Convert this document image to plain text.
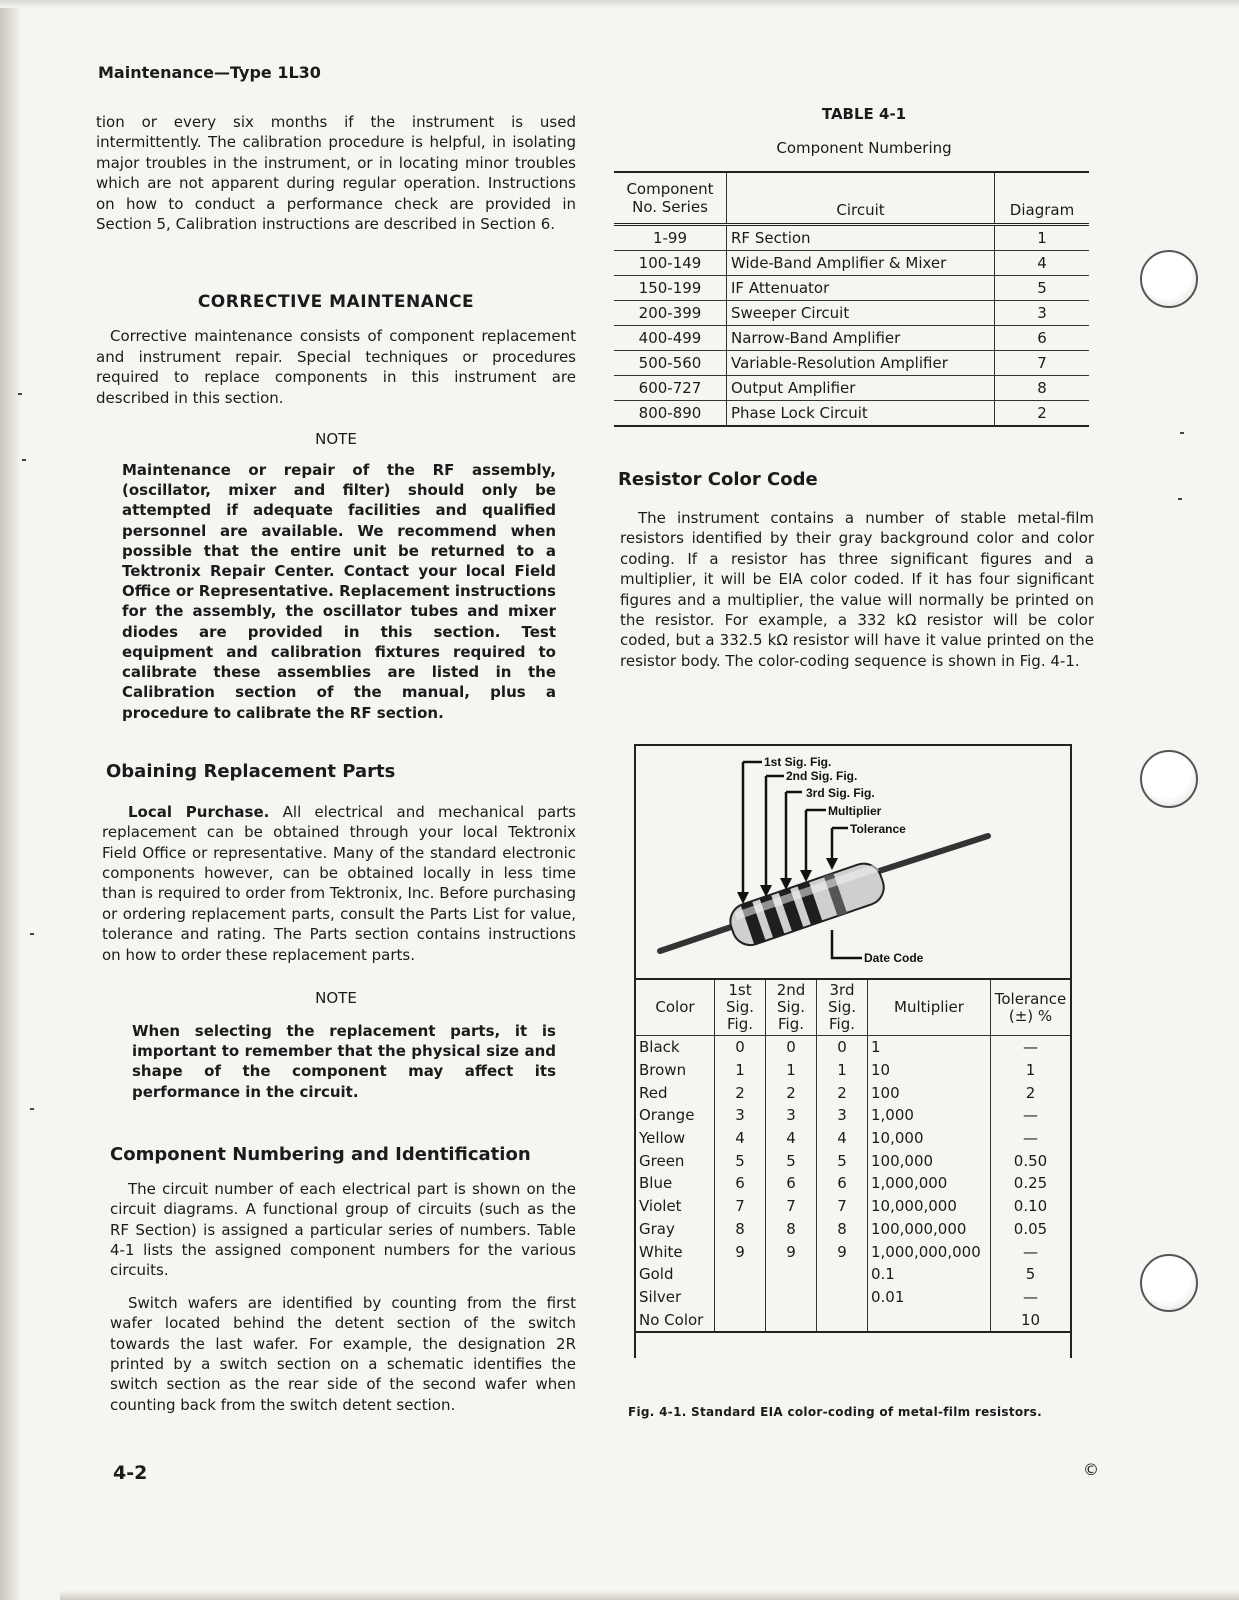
Maintenance—Type 1L30

tion or every six months if the instrument is used intermittently. The calibration procedure is helpful, in isolating major troubles in the instrument, or in locating minor troubles which are not apparent during regular operation. Instructions on how to conduct a performance check are provided in Section 5, Calibration instructions are described in Section 6.

CORRECTIVE MAINTENANCE

Corrective maintenance consists of component replacement and instrument repair. Special techniques or procedures required to replace components in this instrument are described in this section.

NOTE

Maintenance or repair of the RF assembly, (oscillator, mixer and filter) should only be attempted if adequate facilities and qualified personnel are available. We recommend when possible that the entire unit be returned to a Tektronix Repair Center. Contact your local Field Office or Representative. Replacement instructions for the assembly, the oscillator tubes and mixer diodes are provided in this section. Test equipment and calibration fixtures required to calibrate these assemblies are listed in the Calibration section of the manual, plus a procedure to calibrate the RF section.

Obaining Replacement Parts

Local Purchase. All electrical and mechanical parts replacement can be obtained through your local Tektronix Field Office or representative. Many of the standard electronic components however, can be obtained locally in less time than is required to order from Tektronix, Inc. Before purchasing or ordering replacement parts, consult the Parts List for value, tolerance and rating. The Parts section contains instructions on how to order these replacement parts.

NOTE

When selecting the replacement parts, it is important to remember that the physical size and shape of the component may affect its performance in the circuit.

Component Numbering and Identification

The circuit number of each electrical part is shown on the circuit diagrams. A functional group of circuits (such as the RF Section) is assigned a particular series of numbers. Table 4-1 lists the assigned component numbers for the various circuits.

Switch wafers are identified by counting from the first wafer located behind the detent section of the switch towards the last wafer. For example, the designation 2R printed by a switch section on a schematic identifies the switch section as the rear side of the second wafer when counting back from the switch detent section.

TABLE 4-1
Component Numbering
Component No. Series	Circuit	Diagram
1-99	RF Section	1
100-149	Wide-Band Amplifier & Mixer	4
150-199	IF Attenuator	5
200-399	Sweeper Circuit	3
400-499	Narrow-Band Amplifier	6
500-560	Variable-Resolution Amplifier	7
600-727	Output Amplifier	8
800-890	Phase Lock Circuit	2
Resistor Color Code

The instrument contains a number of stable metal-film resistors identified by their gray background color and color coding. If a resistor has three significant figures and a multiplier, it will be EIA color coded. If it has four significant figures and a multiplier, the value will normally be printed on the resistor. For example, a 332 kΩ resistor will be color coded, but a 332.5 kΩ resistor will have it value printed on the resistor body. The color-coding sequence is shown in Fig. 4-1.

1st Sig. Fig.
2nd Sig. Fig.
3rd Sig. Fig.
Multiplier
Tolerance
Date Code
Color	1st Sig. Fig.	2nd Sig. Fig.	3rd Sig. Fig.	Multiplier	Tolerance (±) %
Black	0	0	0	1	—
Brown	1	1	1	10	1
Red	2	2	2	100	2
Orange	3	3	3	1,000	—
Yellow	4	4	4	10,000	—
Green	5	5	5	100,000	0.50
Blue	6	6	6	1,000,000	0.25
Violet	7	7	7	10,000,000	0.10
Gray	8	8	8	100,000,000	0.05
White	9	9	9	1,000,000,000	—
Gold				0.1	5
Silver				0.01	—
No Color					10
Fig. 4-1. Standard EIA color-coding of metal-film resistors.
4-2	©
